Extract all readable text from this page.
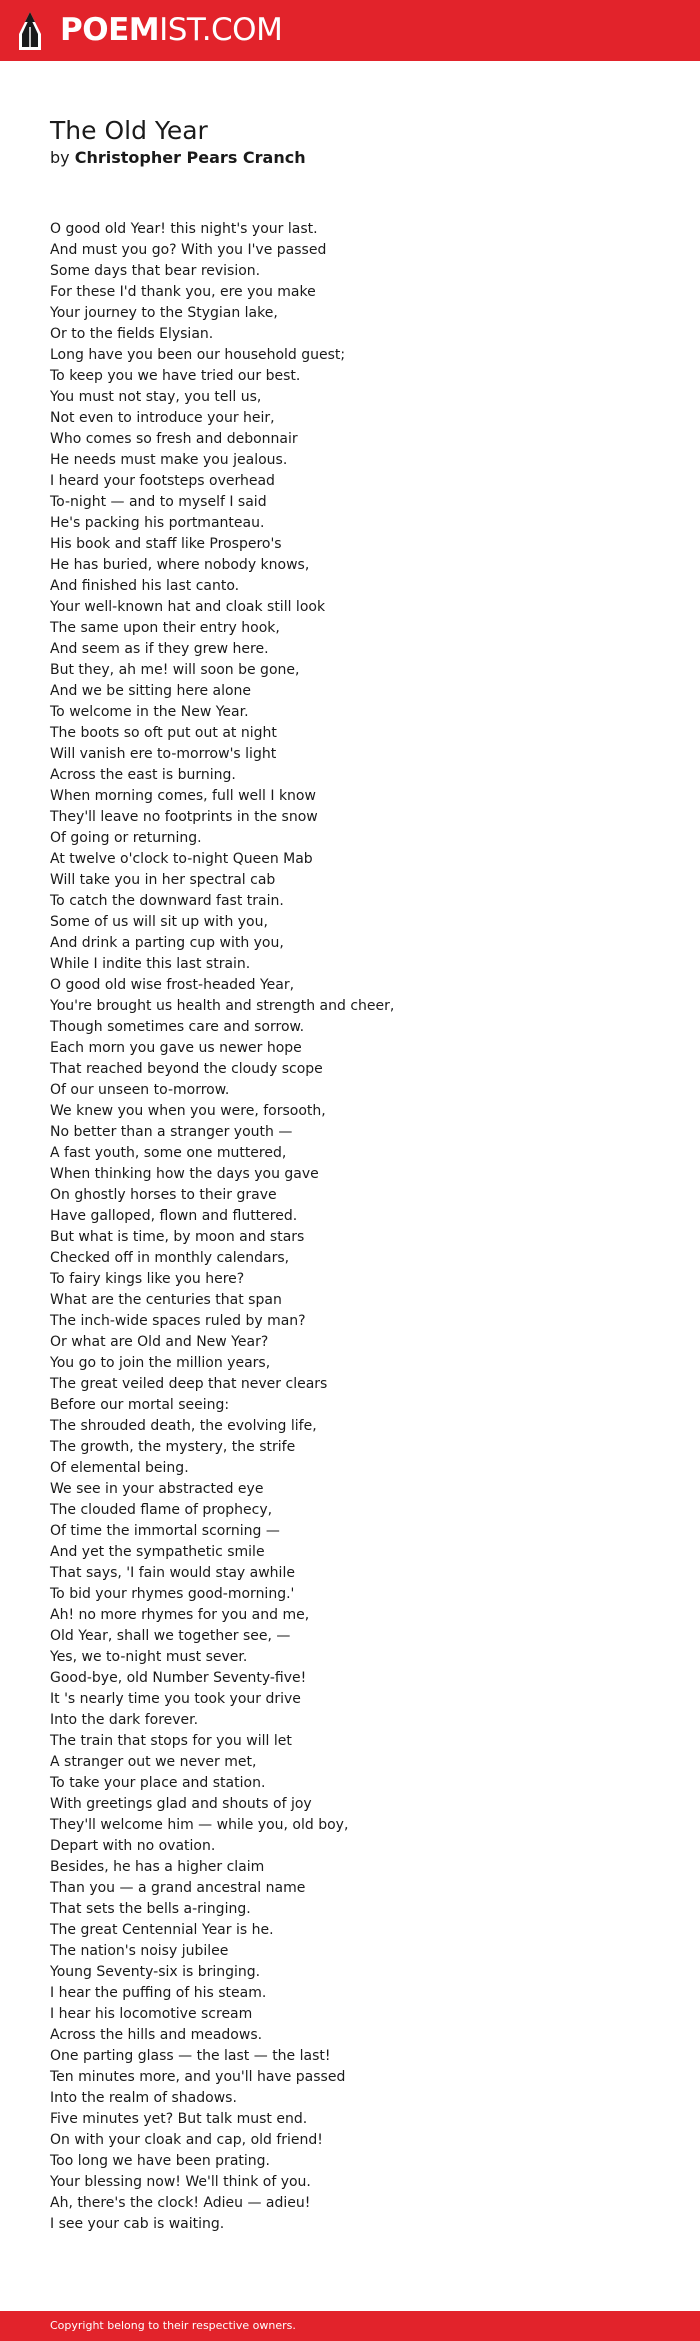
POEMIST.COM
The Old Year
by Christopher Pears Cranch
O good old Year! this night's your last.
And must you go? With you I've passed
Some days that bear revision.
For these I'd thank you, ere you make
Your journey to the Stygian lake,
Or to the fields Elysian.
Long have you been our household guest;
To keep you we have tried our best.
You must not stay, you tell us,
Not even to introduce your heir,
Who comes so fresh and debonnair
He needs must make you jealous.
I heard your footsteps overhead
To-night — and to myself I said
He's packing his portmanteau.
His book and staff like Prospero's
He has buried, where nobody knows,
And finished his last canto.
Your well-known hat and cloak still look
The same upon their entry hook,
And seem as if they grew here.
But they, ah me! will soon be gone,
And we be sitting here alone
To welcome in the New Year.
The boots so oft put out at night
Will vanish ere to-morrow's light
Across the east is burning.
When morning comes, full well I know
They'll leave no footprints in the snow
Of going or returning.
At twelve o'clock to-night Queen Mab
Will take you in her spectral cab
To catch the downward fast train.
Some of us will sit up with you,
And drink a parting cup with you,
While I indite this last strain.
O good old wise frost-headed Year,
You're brought us health and strength and cheer,
Though sometimes care and sorrow.
Each morn you gave us newer hope
That reached beyond the cloudy scope
Of our unseen to-morrow.
We knew you when you were, forsooth,
No better than a stranger youth —
A fast youth, some one muttered,
When thinking how the days you gave
On ghostly horses to their grave
Have galloped, flown and fluttered.
But what is time, by moon and stars
Checked off in monthly calendars,
To fairy kings like you here?
What are the centuries that span
The inch-wide spaces ruled by man?
Or what are Old and New Year?
You go to join the million years,
The great veiled deep that never clears
Before our mortal seeing:
The shrouded death, the evolving life,
The growth, the mystery, the strife
Of elemental being.
We see in your abstracted eye
The clouded flame of prophecy,
Of time the immortal scorning —
And yet the sympathetic smile
That says, 'I fain would stay awhile
To bid your rhymes good-morning.'
Ah! no more rhymes for you and me,
Old Year, shall we together see, —
Yes, we to-night must sever.
Good-bye, old Number Seventy-five!
It 's nearly time you took your drive
Into the dark forever.
The train that stops for you will let
A stranger out we never met,
To take your place and station.
With greetings glad and shouts of joy
They'll welcome him — while you, old boy,
Depart with no ovation.
Besides, he has a higher claim
Than you — a grand ancestral name
That sets the bells a-ringing.
The great Centennial Year is he.
The nation's noisy jubilee
Young Seventy-six is bringing.
I hear the puffing of his steam.
I hear his locomotive scream
Across the hills and meadows.
One parting glass — the last — the last!
Ten minutes more, and you'll have passed
Into the realm of shadows.
Five minutes yet? But talk must end.
On with your cloak and cap, old friend!
Too long we have been prating.
Your blessing now! We'll think of you.
Ah, there's the clock! Adieu — adieu!
I see your cab is waiting.
Copyright belong to their respective owners.
